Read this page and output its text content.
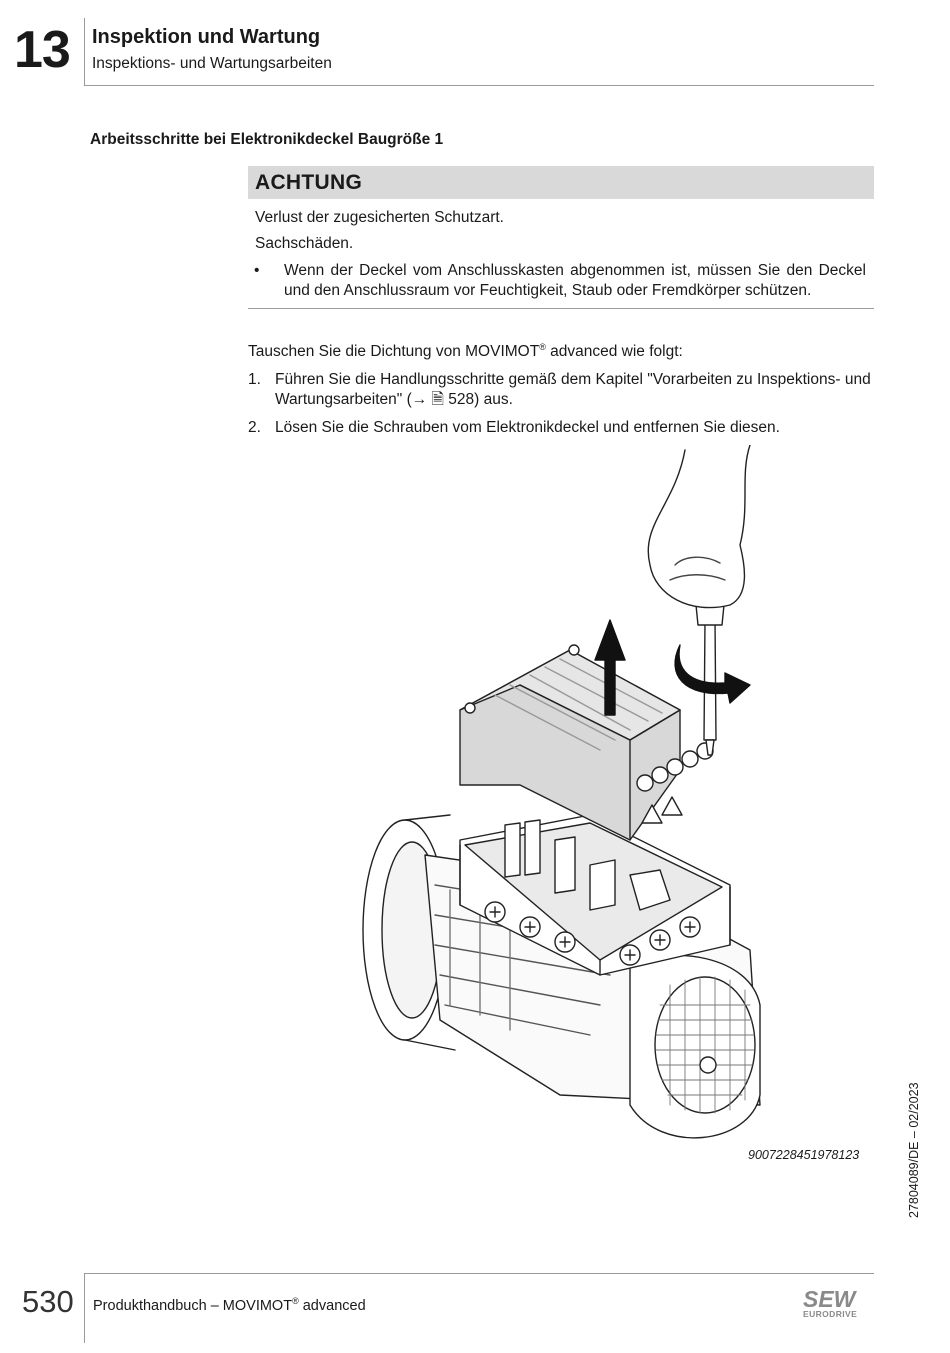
13 Inspektion und Wartung
Inspektions- und Wartungsarbeiten
Arbeitsschritte bei Elektronikdeckel Baugröße 1
ACHTUNG
Verlust der zugesicherten Schutzart.
Sachschäden.
•	Wenn der Deckel vom Anschlusskasten abgenommen ist, müssen Sie den Deckel und den Anschlussraum vor Feuchtigkeit, Staub oder Fremdkörper schützen.
Tauschen Sie die Dichtung von MOVIMOT® advanced wie folgt:
1. Führen Sie die Handlungsschritte gemäß dem Kapitel "Vorarbeiten zu Inspektions- und Wartungsarbeiten" (→ 🗎 528) aus.
2. Lösen Sie die Schrauben vom Elektronikdeckel und entfernen Sie diesen.
9007228451978123	27804089/DE – 02/2023
530 Produkthandbuch – MOVIMOT® advanced	SEW
EURODRIVE
